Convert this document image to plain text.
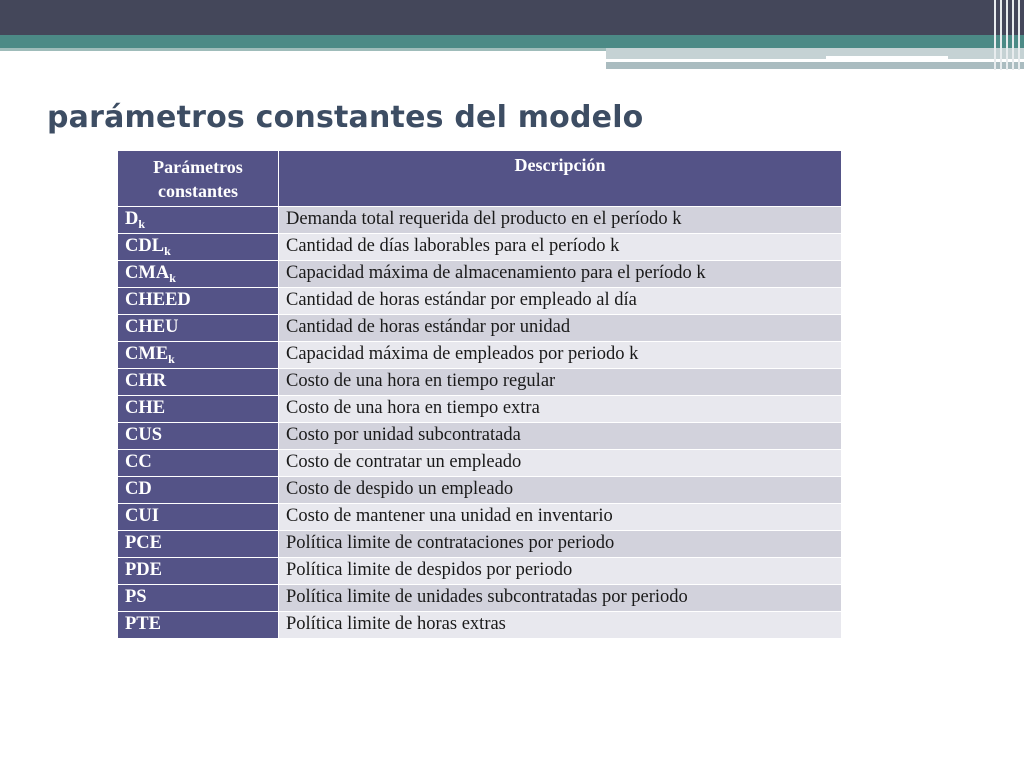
parámetros constantes del modelo
Parámetros
constantes	Descripción
$D_k$	Demanda total requerida del producto en el período k
$CDL_k$	Cantidad de días laborables para el período k
$CMA_k$	Capacidad máxima de almacenamiento para el período k
CHEED	Cantidad de horas estándar por empleado al día
CHEU	Cantidad de horas estándar por unidad
$CME_k$	Capacidad máxima de empleados por periodo k
CHR	Costo de una hora en tiempo regular
CHE	Costo de una hora en tiempo extra
CUS	Costo por unidad subcontratada
CC	Costo de contratar un empleado
CD	Costo de despido un empleado
CUI	Costo de mantener una unidad en inventario
PCE	Política limite de contrataciones por periodo
PDE	Política limite de despidos por periodo
PS	Política limite de unidades subcontratadas por periodo
PTE	Política limite de horas extras
